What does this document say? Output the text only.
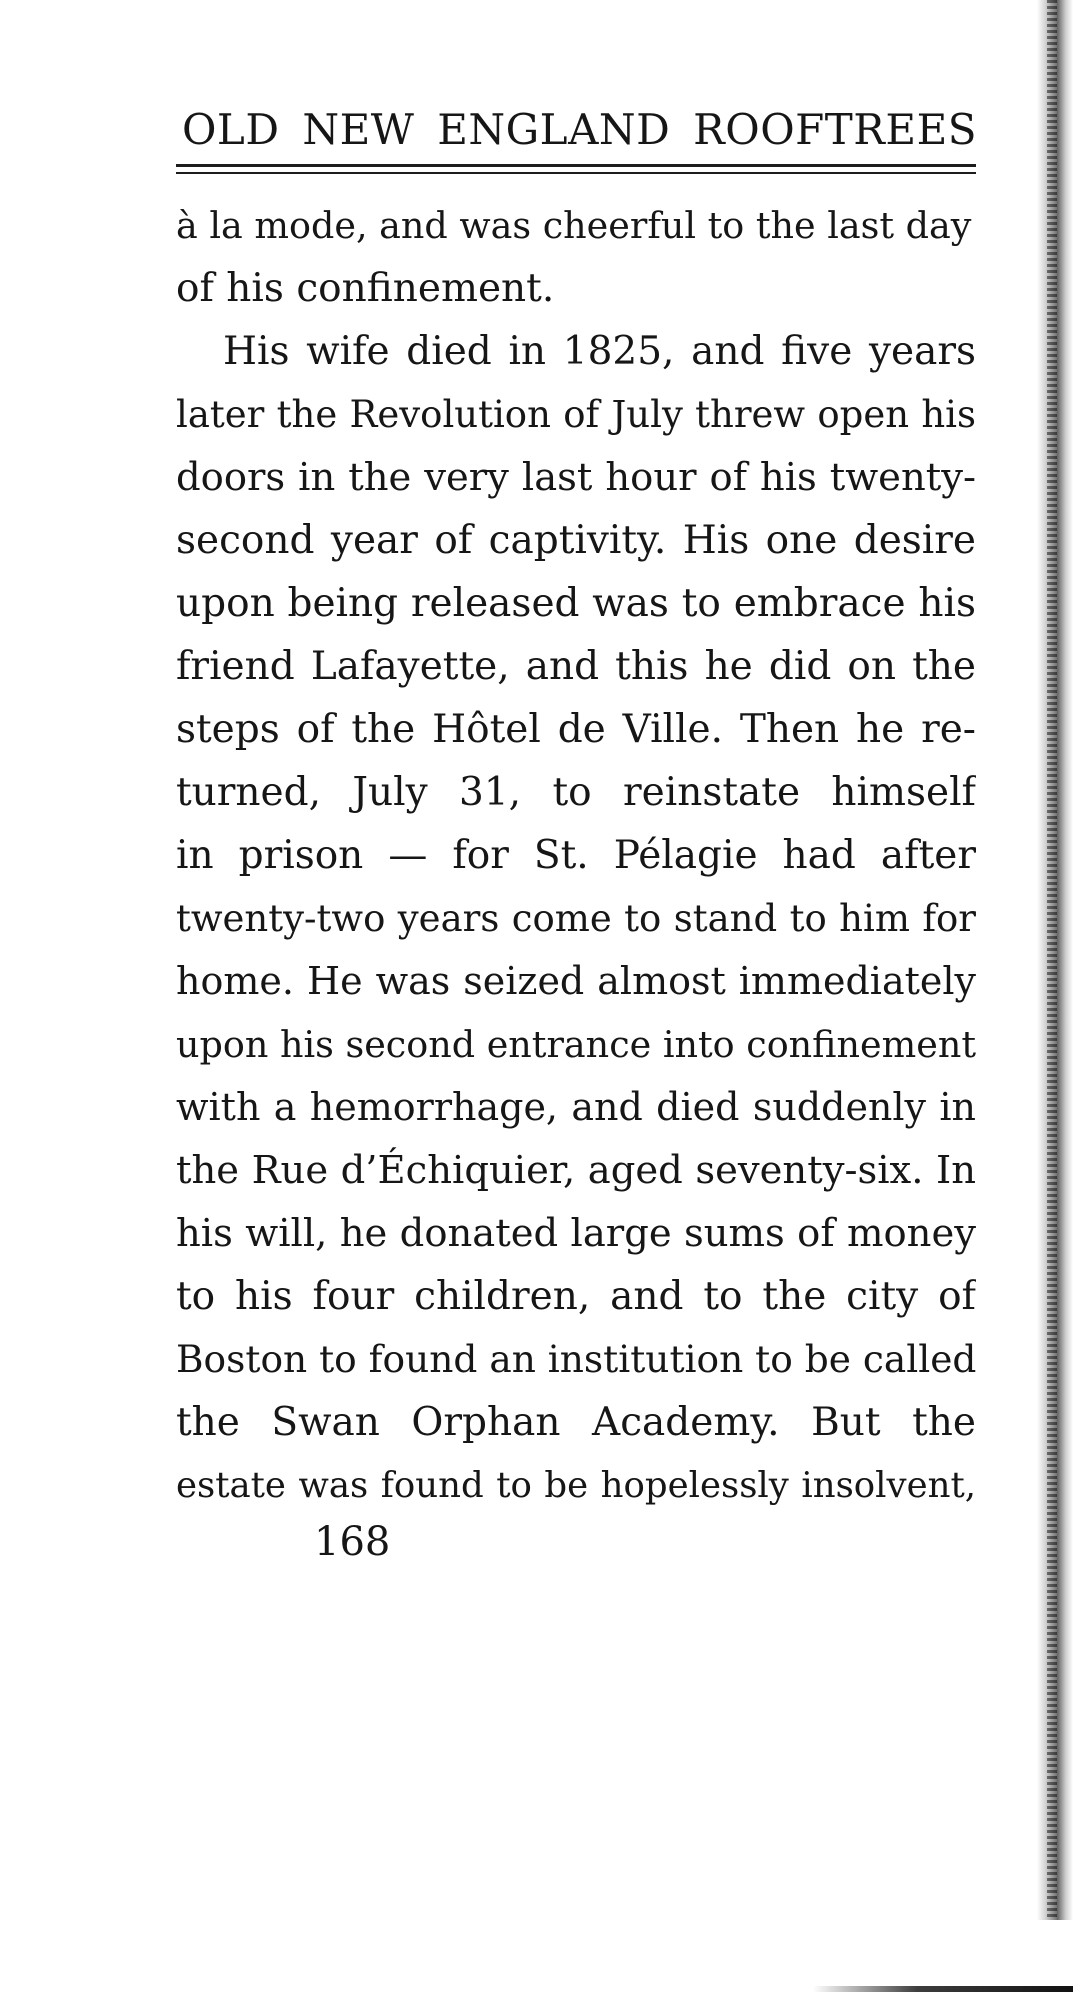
OLD NEW ENGLAND ROOFTREES
à la mode, and was cheerful to the last day
of his confinement.
His wife died in 1825, and five years
later the Revolution of July threw open his
doors in the very last hour of his twenty-
second year of captivity. His one desire
upon being released was to embrace his
friend Lafayette, and this he did on the
steps of the Hôtel de Ville. Then he re-
turned, July 31, to reinstate himself
in prison — for St. Pélagie had after
twenty-two years come to stand to him for
home. He was seized almost immediately
upon his second entrance into confinement
with a hemorrhage, and died suddenly in
the Rue d’Échiquier, aged seventy-six. In
his will, he donated large sums of money
to his four children, and to the city of
Boston to found an institution to be called
the Swan Orphan Academy. But the
estate was found to be hopelessly insolvent,
168
